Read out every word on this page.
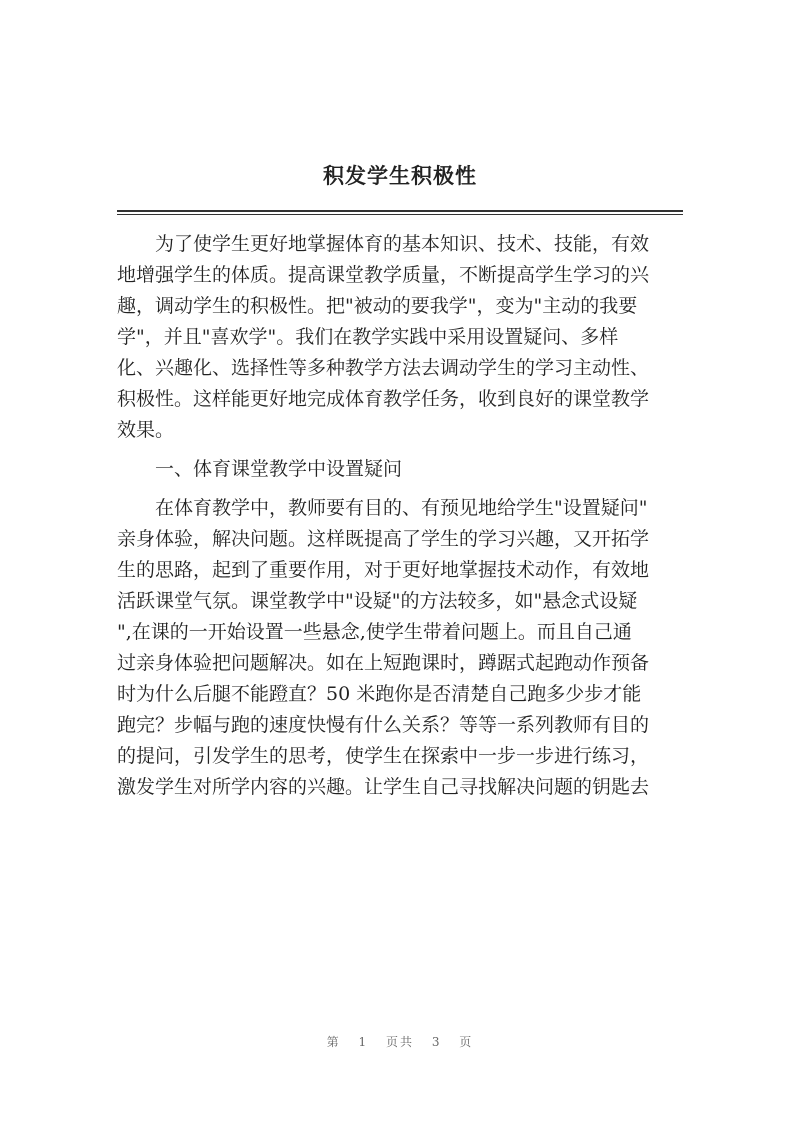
积发学生积极性

为了使学生更好地掌握体育的基本知识、技术、技能，有效
地增强学生的体质。提高课堂教学质量，不断提高学生学习的兴
趣，调动学生的积极性。把"被动的要我学"，变为"主动的我要
学"，并且"喜欢学"。我们在教学实践中采用设置疑问、多样
化、兴趣化、选择性等多种教学方法去调动学生的学习主动性、
积极性。这样能更好地完成体育教学任务，收到良好的课堂教学
效果。

一、体育课堂教学中设置疑问

在体育教学中，教师要有目的、有预见地给学生"设置疑问"
亲身体验，解决问题。这样既提高了学生的学习兴趣，又开拓学
生的思路，起到了重要作用，对于更好地掌握技术动作，有效地
活跃课堂气氛。课堂教学中"设疑"的方法较多，如"悬念式设疑
",在课的一开始设置一些悬念,使学生带着问题上。而且自己通
过亲身体验把问题解决。如在上短跑课时，蹲踞式起跑动作预备
时为什么后腿不能蹬直？50 米跑你是否清楚自己跑多少步才能
跑完？步幅与跑的速度快慢有什么关系？等等一系列教师有目的
的提问，引发学生的思考，使学生在探索中一步一步进行练习，
激发学生对所学内容的兴趣。让学生自己寻找解决问题的钥匙去

第 1 页共 3 页
